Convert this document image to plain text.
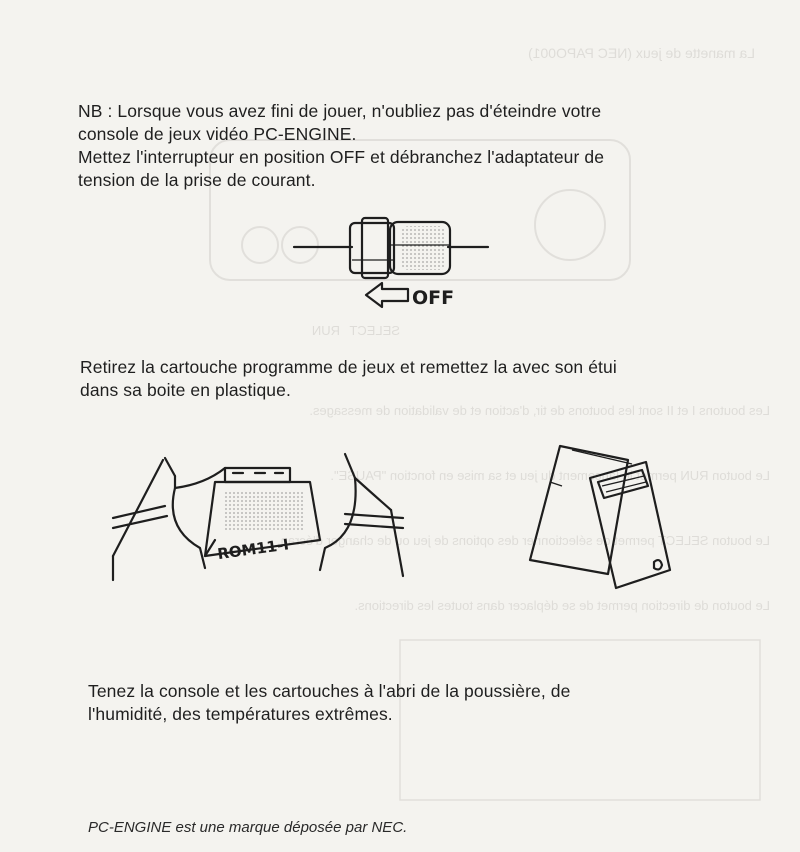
La manette de jeux (NEC PAPO001)
SELECT
RUN
Les boutons I et II sont les boutons de tir, d'action et de validation de messages.
Le bouton RUN permet le lancement du jeu et sa mise en fonction "PAUSE".
Le bouton SELECT permet de sélectionner des options de jeu ou de changer d'écran.
Le bouton de direction permet de se déplacer dans toutes les directions.

NB : Lorsque vous avez fini de jouer, n'oubliez pas d'éteindre votre
console de jeux vidéo PC-ENGINE.
Mettez l'interrupteur en position OFF et débranchez l'adaptateur de
tension de la prise de courant.

OFF

Retirez la cartouche programme de jeux et remettez la avec son étui
dans sa boite en plastique.

ROM11-I

Tenez la console et les cartouches à l'abri de la poussière, de
l'humidité, des températures extrêmes.

PC-ENGINE est une marque déposée par NEC.
